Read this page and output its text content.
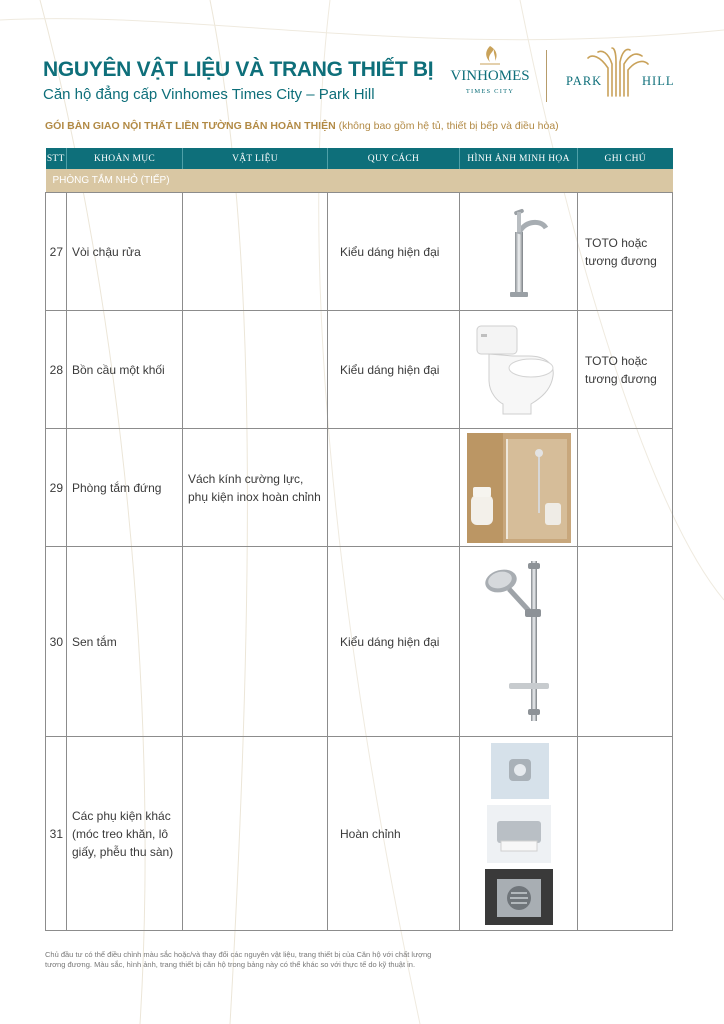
NGUYÊN VẬT LIỆU VÀ TRANG THIẾT BỊ
Căn hộ đẳng cấp Vinhomes Times City – Park Hill
VINHOMES
TIMES CITY
PARK	HILL
GÓI BÀN GIAO NỘI THẤT LIỀN TƯỜNG BÁN HOÀN THIỆN (không bao gồm hệ tủ, thiết bị bếp và điều hòa)
STT	KHOẢN MỤC	VẬT LIỆU	QUY CÁCH	HÌNH ẢNH MINH HỌA	GHI CHÚ
PHÒNG TẮM NHỎ (TIẾP)					
27	Vòi chậu rửa		Kiểu dáng hiện đại		TOTO hoặc tương đương
28	Bồn cầu một khối		Kiểu dáng hiện đại		TOTO hoặc tương đương
29	Phòng tắm đứng	Vách kính cường lực, phụ kiện inox hoàn chỉnh			
30	Sen tắm		Kiểu dáng hiện đại		
31	Các phụ kiện khác (móc treo khăn, lô giấy, phễu thu sàn)		Hoàn chỉnh		
Chủ đầu tư có thể điều chỉnh màu sắc hoặc/và thay đổi các nguyên vật liệu, trang thiết bị của Căn hộ với chất lượng tương đương. Màu sắc, hình ảnh, trang thiết bị căn hộ trong bảng này có thể khác so với thực tế do kỹ thuật in.
